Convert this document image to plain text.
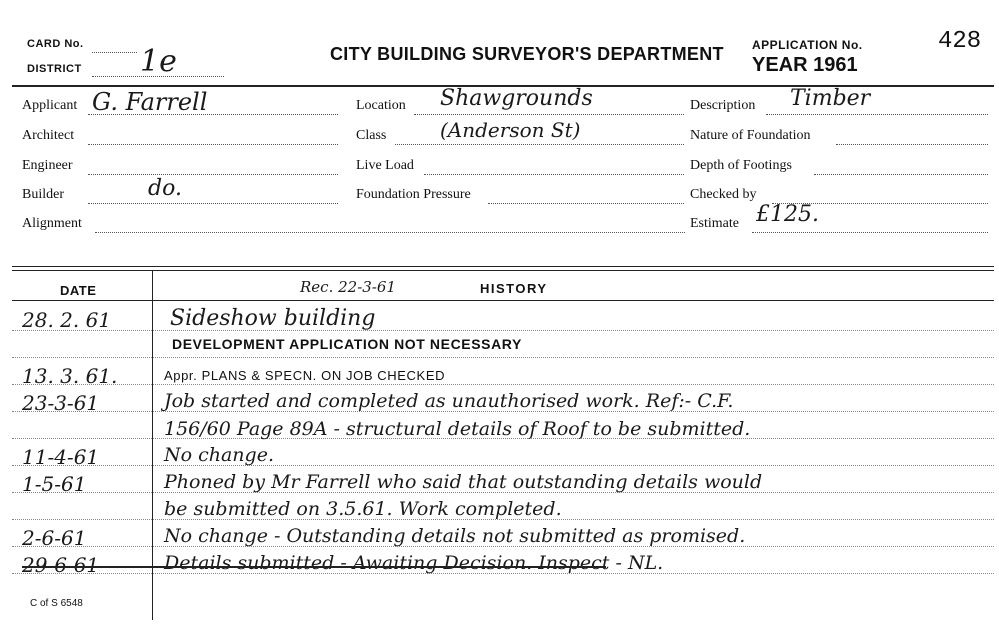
CARD No.
DISTRICT 1e	CITY BUILDING SURVEYOR'S DEPARTMENT APPLICATION No.	428
YEAR 1961
Applicant G. Farrell
Architect
Engineer
Builder	do.
Alignment
Location Shawgrounds
Class	(Anderson St)
Live Load
Foundation Pressure
Description Timber
Nature of Foundation
Depth of Footings
Checked by
Estimate £125.
DATE	Rec. 22-3-61	HISTORY
28. 2. 61	Sideshow building
DEVELOPMENT APPLICATION NOT NECESSARY
13. 3. 61.	Appr. PLANS & SPECN. ON JOB CHECKED
23-3-61	Job started and completed as unauthorised work. Ref:- C.F.
156/60 Page 89A - structural details of Roof to be submitted.
11-4-61	No change.
1-5-61	Phoned by Mr Farrell who said that outstanding details would
be submitted on 3.5.61. Work completed.
2-6-61	No change - Outstanding details not submitted as promised.
29-6-61	Details submitted - Awaiting Decision. Inspect - NL.
C of S 6548
